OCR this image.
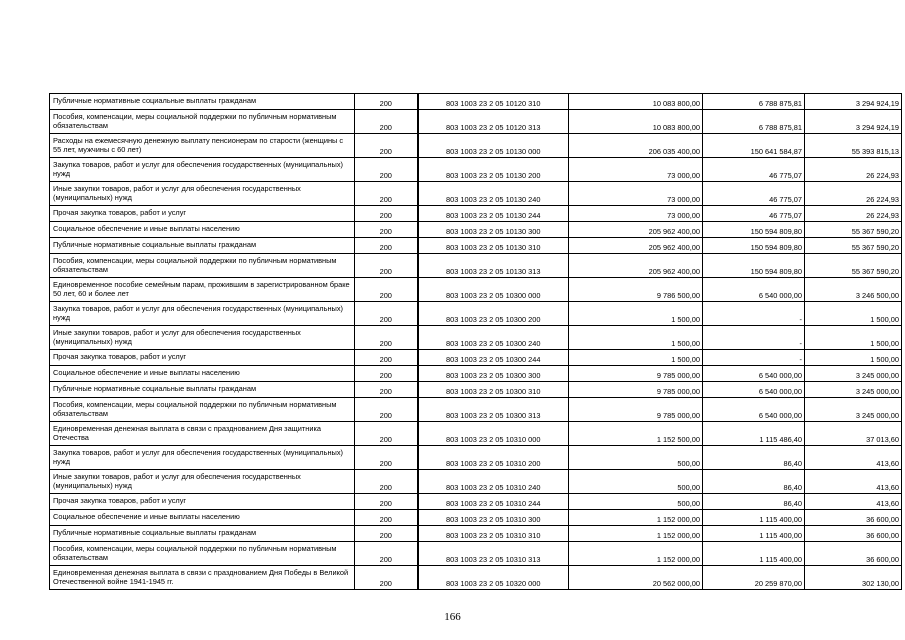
Публичные нормативные социальные выплаты гражданам	200	803 1003 23 2 05 10120 310	10 083 800,00	6 788 875,81	3 294 924,19

Пособия, компенсации, меры социальной поддержки по публичным нормативным обязательствам	200	803 1003 23 2 05 10120 313	10 083 800,00	6 788 875,81	3 294 924,19

Расходы на ежемесячную денежную выплату пенсионерам по старости (женщины с 55 лет, мужчины с 60 лет)	200	803 1003 23 2 05 10130 000	206 035 400,00	150 641 584,87	55 393 815,13

Закупка товаров, работ и услуг для обеспечения государственных (муниципальных) нужд	200	803 1003 23 2 05 10130 200	73 000,00	46 775,07	26 224,93

Иные закупки товаров, работ и услуг для обеспечения государственных (муниципальных) нужд	200	803 1003 23 2 05 10130 240	73 000,00	46 775,07	26 224,93

Прочая закупка товаров, работ и услуг	200	803 1003 23 2 05 10130 244	73 000,00	46 775,07	26 224,93

Социальное обеспечение и иные выплаты населению	200	803 1003 23 2 05 10130 300	205 962 400,00	150 594 809,80	55 367 590,20

Публичные нормативные социальные выплаты гражданам	200	803 1003 23 2 05 10130 310	205 962 400,00	150 594 809,80	55 367 590,20

Пособия, компенсации, меры социальной поддержки по публичным нормативным обязательствам	200	803 1003 23 2 05 10130 313	205 962 400,00	150 594 809,80	55 367 590,20

Единовременное пособие семейным парам, прожившим в зарегистрированном браке 50 лет, 60 и более лет	200	803 1003 23 2 05 10300 000	9 786 500,00	6 540 000,00	3 246 500,00

Закупка товаров, работ и услуг для обеспечения государственных (муниципальных) нужд	200	803 1003 23 2 05 10300 200	1 500,00	-	1 500,00

Иные закупки товаров, работ и услуг для обеспечения государственных (муниципальных) нужд	200	803 1003 23 2 05 10300 240	1 500,00	-	1 500,00

Прочая закупка товаров, работ и услуг	200	803 1003 23 2 05 10300 244	1 500,00	-	1 500,00

Социальное обеспечение и иные выплаты населению	200	803 1003 23 2 05 10300 300	9 785 000,00	6 540 000,00	3 245 000,00

Публичные нормативные социальные выплаты гражданам	200	803 1003 23 2 05 10300 310	9 785 000,00	6 540 000,00	3 245 000,00

Пособия, компенсации, меры социальной поддержки по публичным нормативным обязательствам	200	803 1003 23 2 05 10300 313	9 785 000,00	6 540 000,00	3 245 000,00

Единовременная денежная выплата в связи с празднованием Дня защитника Отечества	200	803 1003 23 2 05 10310 000	1 152 500,00	1 115 486,40	37 013,60

Закупка товаров, работ и услуг для обеспечения государственных (муниципальных) нужд	200	803 1003 23 2 05 10310 200	500,00	86,40	413,60

Иные закупки товаров, работ и услуг для обеспечения государственных (муниципальных) нужд	200	803 1003 23 2 05 10310 240	500,00	86,40	413,60

Прочая закупка товаров, работ и услуг	200	803 1003 23 2 05 10310 244	500,00	86,40	413,60

Социальное обеспечение и иные выплаты населению	200	803 1003 23 2 05 10310 300	1 152 000,00	1 115 400,00	36 600,00

Публичные нормативные социальные выплаты гражданам	200	803 1003 23 2 05 10310 310	1 152 000,00	1 115 400,00	36 600,00

Пособия, компенсации, меры социальной поддержки по публичным нормативным обязательствам	200	803 1003 23 2 05 10310 313	1 152 000,00	1 115 400,00	36 600,00

Единовременная денежная выплата в связи с празднованием Дня Победы в Великой Отечественной войне 1941-1945 гг.	200	803 1003 23 2 05 10320 000	20 562 000,00	20 259 870,00	302 130,00
166
